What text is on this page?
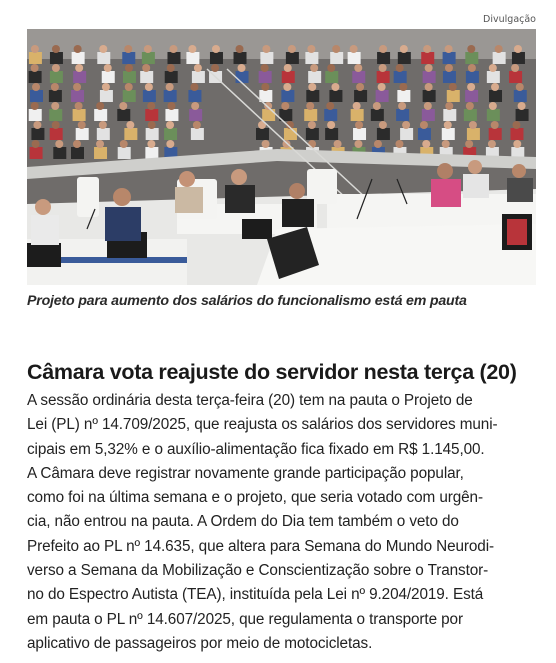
Divulgação
Projeto para aumento dos salários do funcionalismo está em pauta
Câmara vota reajuste do servidor nesta terça (20)
A sessão ordinária desta terça-feira (20) tem na pauta o Projeto de
Lei (PL) nº 14.709/2025, que reajusta os salários dos servidores muni-
cipais em 5,32% e o auxílio-alimentação fica fixado em R$ 1.145,00.
A Câmara deve registrar novamente grande participação popular,
como foi na última semana e o projeto, que seria votado com urgên-
cia, não entrou na pauta. A Ordem do Dia tem também o veto do
Prefeito ao PL nº 14.635, que altera para Semana do Mundo Neurodi-
verso a Semana da Mobilização e Conscientização sobre o Transtor-
no do Espectro Autista (TEA), instituída pela Lei nº 9.204/2019. Está
em pauta o PL nº 14.607/2025, que regulamenta o transporte por
aplicativo de passageiros por meio de motocicletas.
